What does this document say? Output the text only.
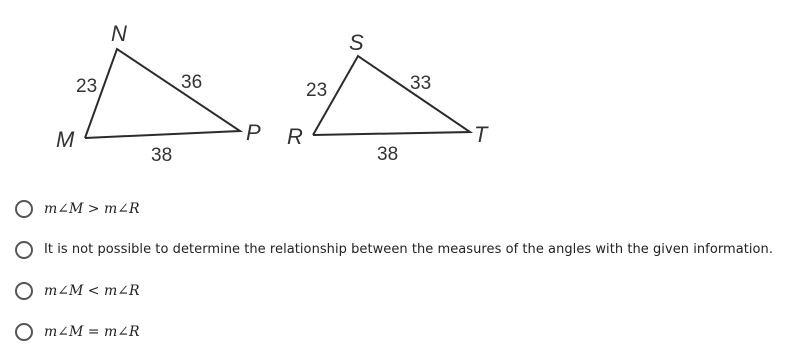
N
M	P
23	36
38
S
R	T
23	33
38
m∠M > m∠R
It is not possible to determine the relationship between the measures of the angles with the given information.
m∠M < m∠R
m∠M = m∠R
